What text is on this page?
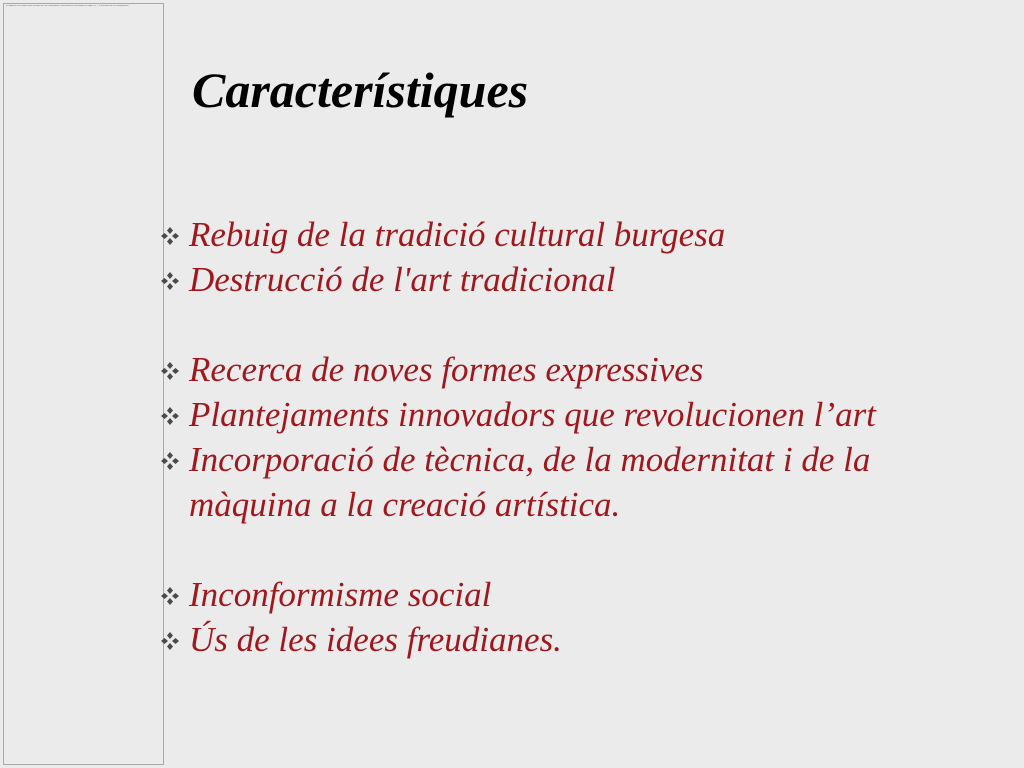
El segment és el conjunt dels elements de l'art contemporani. Manifestacions artístiques del segle XX — el moviment de les avantguardes.
Característiques
Rebuig de la tradició cultural burgesa
Destrucció de l'art tradicional
Recerca de noves formes expressives
Plantejaments innovadors que revolucionen l’art
Incorporació de tècnica, de la modernitat i de la
màquina a la creació artística.
Inconformisme social
Ús de les idees freudianes.
